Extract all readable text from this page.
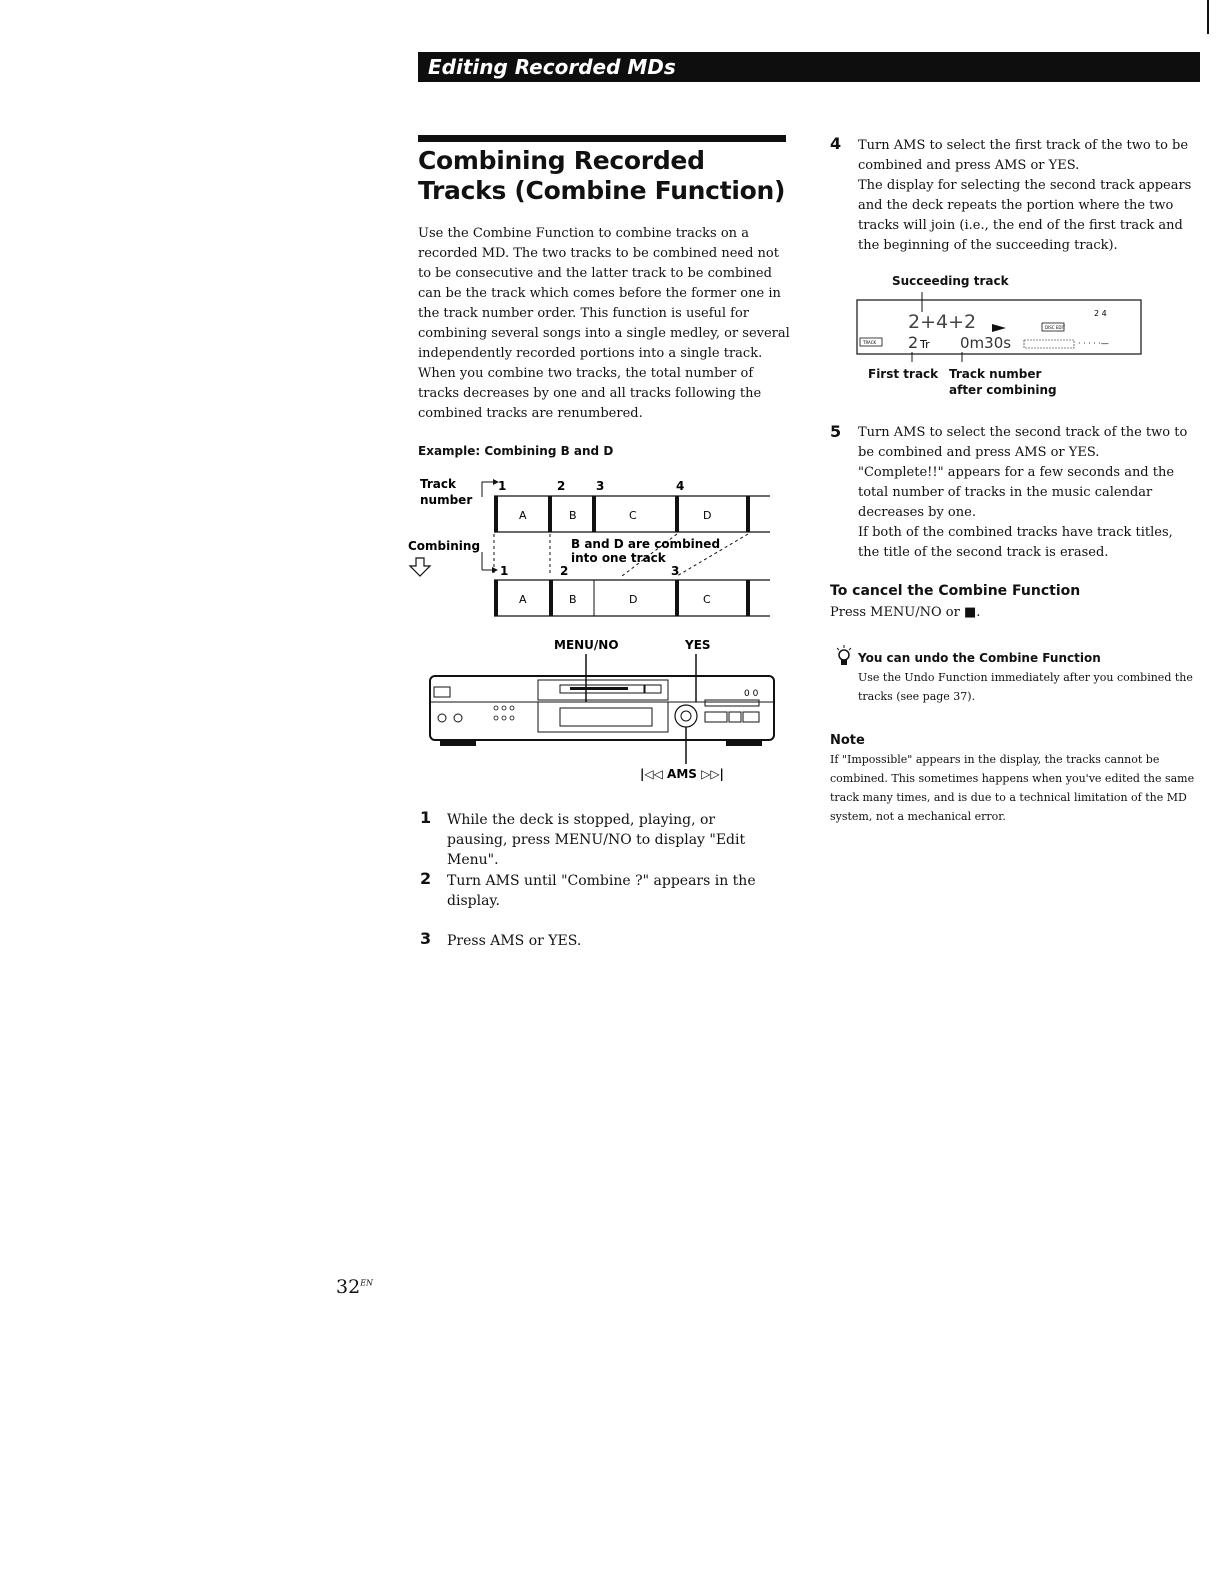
Editing Recorded MDs
Combining Recorded Tracks (Combine Function)
Use the Combine Function to combine tracks on a recorded MD. The two tracks to be combined need not to be consecutive and the latter track to be combined can be the track which comes before the former one in the track number order. This function is useful for combining several songs into a single medley, or several independently recorded portions into a single track. When you combine two tracks, the total number of tracks decreases by one and all tracks following the combined tracks are renumbered.
Example: Combining B and D
Track
number
Combining
1	2	3	4
A	B	C	D
B and D are combined
into one track
1	2	3
A	B	D	C
MENU/NO	YES
0 0
|◁◁ AMS ▷▷|
1 While the deck is stopped, playing, or pausing, press MENU/NO to display "Edit Menu".
2 Turn AMS until "Combine ?" appears in the display.
3 Press AMS or YES.
4 Turn AMS to select the first track of the two to be combined and press AMS or YES.
The display for selecting the second track appears and the deck repeats the portion where the two tracks will join (i.e., the end of the first track and the beginning of the succeeding track).
Succeeding track
2+4+2	2 4
DISC EDIT
TRACK 2 Tr 0m30s	· · · · ·—
First track Track number
after combining
5 Turn AMS to select the second track of the two to be combined and press AMS or YES.
"Complete!!" appears for a few seconds and the total number of tracks in the music calendar decreases by one.
If both of the combined tracks have track titles, the title of the second track is erased.
To cancel the Combine Function
Press MENU/NO or ■.
You can undo the Combine Function
Use the Undo Function immediately after you combined the tracks (see page 37).
Note
If "Impossible" appears in the display, the tracks cannot be combined. This sometimes happens when you've edited the same track many times, and is due to a technical limitation of the MD system, not a mechanical error.
$32^{EN}$
